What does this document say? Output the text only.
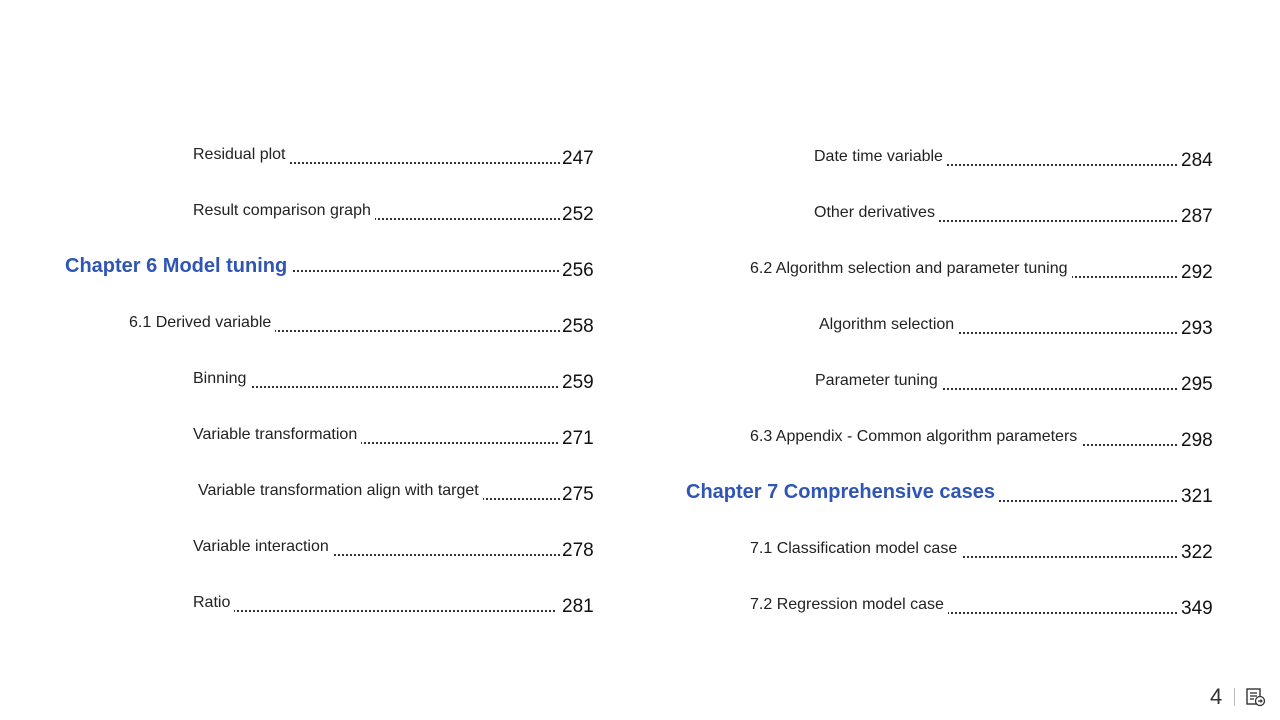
Residual plot	247
Result comparison graph	252
Chapter 6 Model tuning	256
6.1 Derived variable	258
Binning	259
Variable transformation	271
Variable transformation align with target	275
Variable interaction	278
Ratio	281
Date time variable	284
Other derivatives	287
6.2 Algorithm selection and parameter tuning	292
Algorithm selection	293
Parameter tuning	295
6.3 Appendix - Common algorithm parameters	298
Chapter 7 Comprehensive cases	321
7.1 Classification model case	322
7.2 Regression model case	349
4
